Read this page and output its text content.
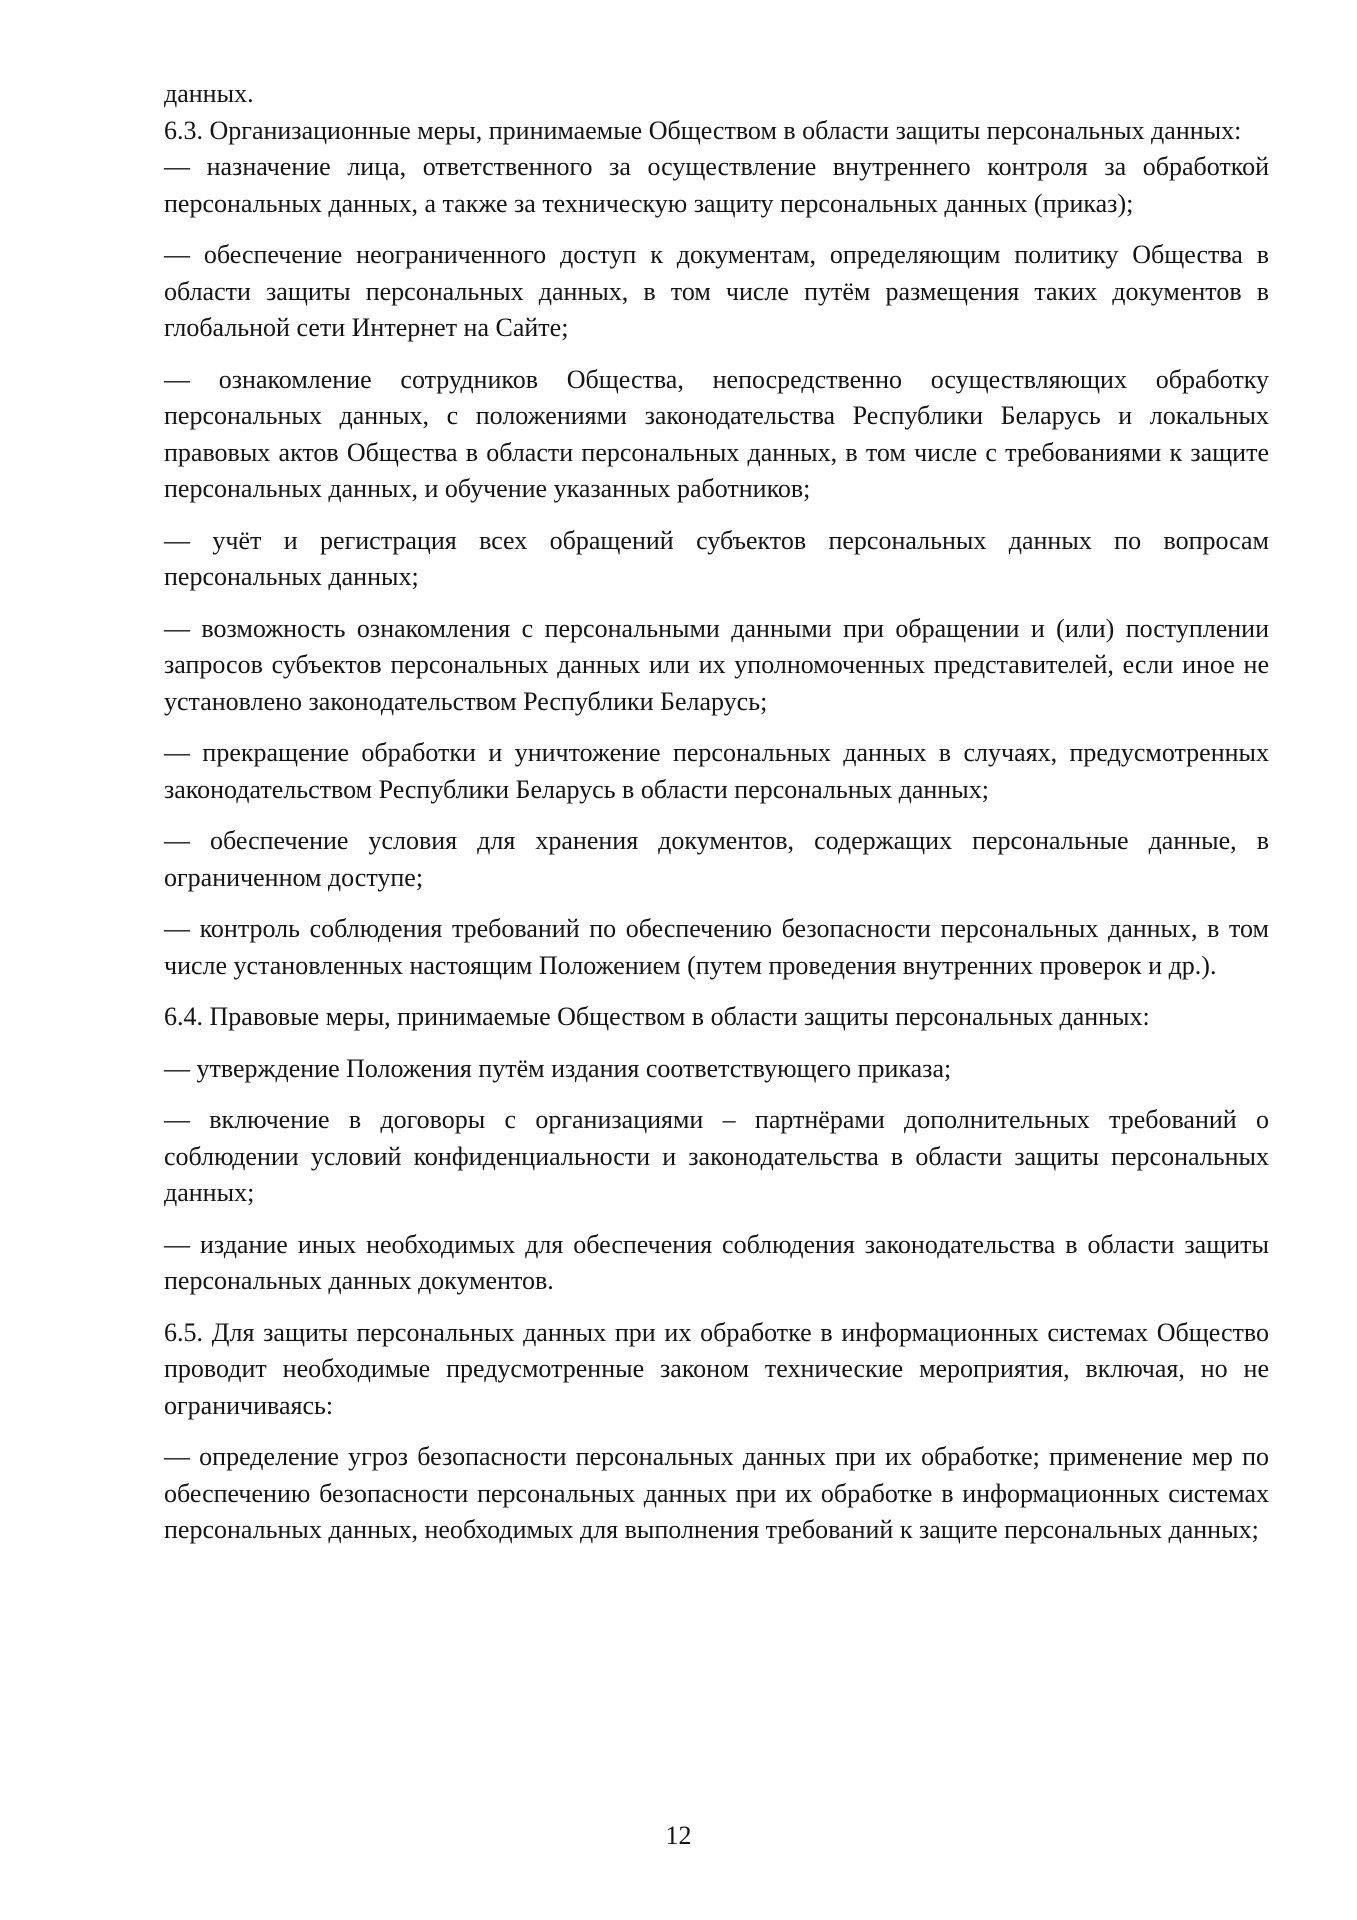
данных.

6.3. Организационные меры, принимаемые Обществом в области защиты персональных данных:

— назначение лица, ответственного за осуществление внутреннего контроля за обработкой персональных данных, а также за техническую защиту персональных данных (приказ);

— обеспечение неограниченного доступ к документам, определяющим политику Общества в области защиты персональных данных, в том числе путём размещения таких документов в глобальной сети Интернет на Сайте;

— ознакомление сотрудников Общества, непосредственно осуществляющих обработку персональных данных, с положениями законодательства Республики Беларусь и локальных правовых актов Общества в области персональных данных, в том числе с требованиями к защите персональных данных, и обучение указанных работников;

— учёт и регистрация всех обращений субъектов персональных данных по вопросам персональных данных;

— возможность ознакомления с персональными данными при обращении и (или) поступлении запросов субъектов персональных данных или их уполномоченных представителей, если иное не установлено законодательством Республики Беларусь;

— прекращение обработки и уничтожение персональных данных в случаях, предусмотренных законодательством Республики Беларусь в области персональных данных;

— обеспечение условия для хранения документов, содержащих персональные данные, в ограниченном доступе;

— контроль соблюдения требований по обеспечению безопасности персональных данных, в том числе установленных настоящим Положением (путем проведения внутренних проверок и др.).

6.4. Правовые меры, принимаемые Обществом в области защиты персональных данных:

— утверждение Положения путём издания соответствующего приказа;

— включение в договоры с организациями – партнёрами дополнительных требований о соблюдении условий конфиденциальности и законодательства в области защиты персональных данных;

— издание иных необходимых для обеспечения соблюдения законодательства в области защиты персональных данных документов.

6.5. Для защиты персональных данных при их обработке в информационных системах Общество проводит необходимые предусмотренные законом технические мероприятия, включая, но не ограничиваясь:

— определение угроз безопасности персональных данных при их обработке; применение мер по обеспечению безопасности персональных данных при их обработке в информационных системах персональных данных, необходимых для выполнения требований к защите персональных данных;

12
